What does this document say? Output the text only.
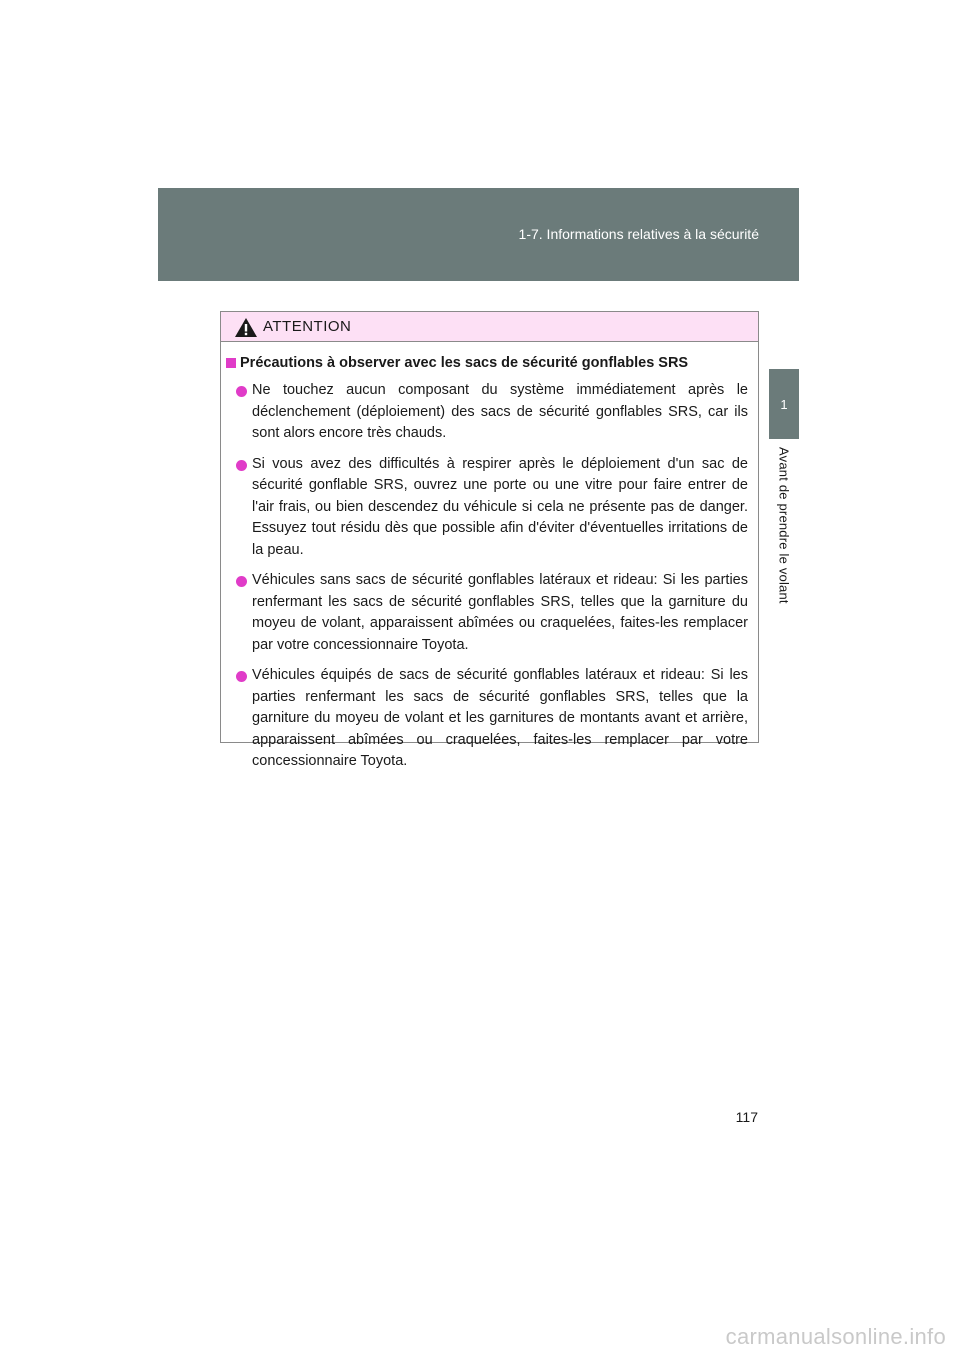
1-7. Informations relatives à la sécurité
1
Avant de prendre le volant
ATTENTION
Précautions à observer avec les sacs de sécurité gonflables SRS
Ne touchez aucun composant du système immédiatement après le déclenchement (déploiement) des sacs de sécurité gonflables SRS, car ils sont alors encore très chauds.
Si vous avez des difficultés à respirer après le déploiement d'un sac de sécurité gonflable SRS, ouvrez une porte ou une vitre pour faire entrer de l'air frais, ou bien descendez du véhicule si cela ne présente pas de danger. Essuyez tout résidu dès que possible afin d'éviter d'éventuelles irritations de la peau.
Véhicules sans sacs de sécurité gonflables latéraux et rideau: Si les parties renfermant les sacs de sécurité gonflables SRS, telles que la garniture du moyeu de volant, apparaissent abîmées ou craquelées, faites-les remplacer par votre concessionnaire Toyota.
Véhicules équipés de sacs de sécurité gonflables latéraux et rideau: Si les parties renfermant les sacs de sécurité gonflables SRS, telles que la garniture du moyeu de volant et les garnitures de montants avant et arrière, apparaissent abîmées ou craquelées, faites-les remplacer par votre concessionnaire Toyota.
117
carmanualsonline.info
